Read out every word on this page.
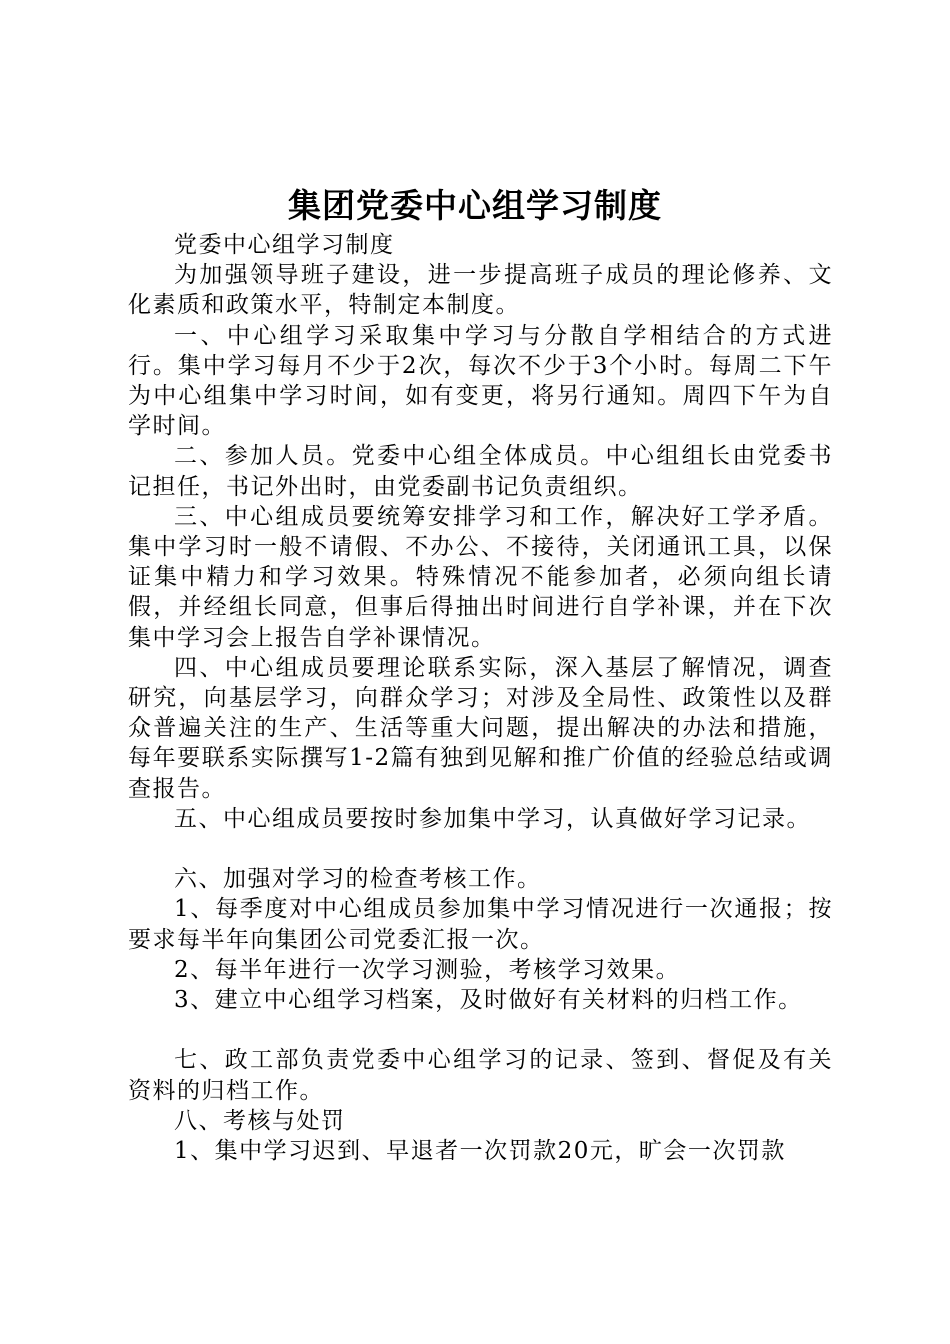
集团党委中心组学习制度

党委中心组学习制度

为加强领导班子建设，进一步提高班子成员的理论修养、文化素质和政策水平，特制定本制度。

一、中心组学习采取集中学习与分散自学相结合的方式进行。集中学习每月不少于2次，每次不少于3个小时。每周二下午为中心组集中学习时间，如有变更，将另行通知。周四下午为自学时间。

二、参加人员。党委中心组全体成员。中心组组长由党委书记担任，书记外出时，由党委副书记负责组织。

三、中心组成员要统筹安排学习和工作，解决好工学矛盾。集中学习时一般不请假、不办公、不接待，关闭通讯工具，以保证集中精力和学习效果。特殊情况不能参加者，必须向组长请假，并经组长同意，但事后得抽出时间进行自学补课，并在下次集中学习会上报告自学补课情况。

四、中心组成员要理论联系实际，深入基层了解情况，调查研究，向基层学习，向群众学习；对涉及全局性、政策性以及群众普遍关注的生产、生活等重大问题，提出解决的办法和措施，每年要联系实际撰写1-2篇有独到见解和推广价值的经验总结或调查报告。

五、中心组成员要按时参加集中学习，认真做好学习记录。

六、加强对学习的检查考核工作。

1、每季度对中心组成员参加集中学习情况进行一次通报；按要求每半年向集团公司党委汇报一次。

2、每半年进行一次学习测验，考核学习效果。

3、建立中心组学习档案，及时做好有关材料的归档工作。

七、政工部负责党委中心组学习的记录、签到、督促及有关资料的归档工作。

八、考核与处罚

1、集中学习迟到、早退者一次罚款20元，旷会一次罚款
